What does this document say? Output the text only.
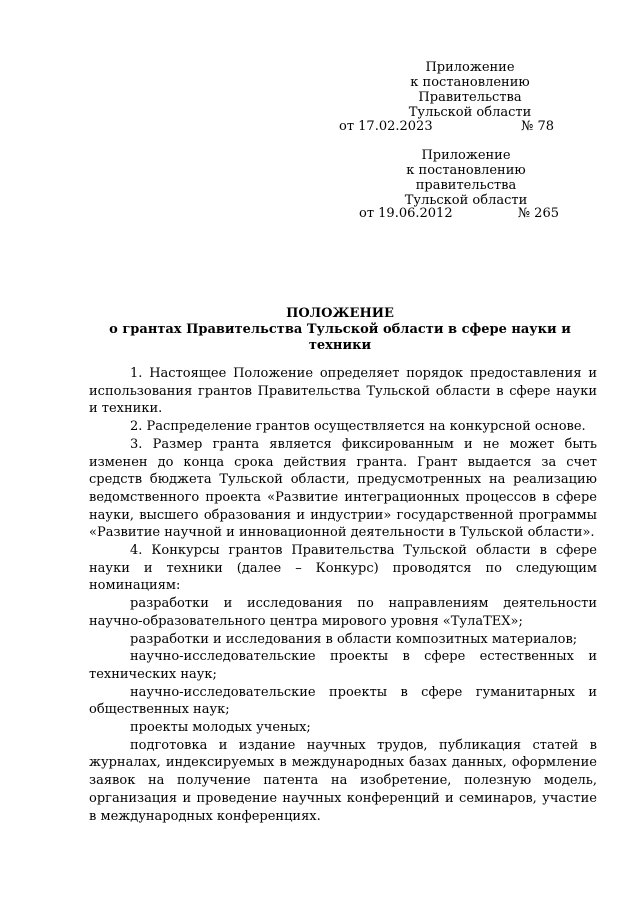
Приложение
к постановлению Правительства
Тульской области
от 17.02.2023	№ 78
Приложение
к постановлению правительства
Тульской области
от 19.06.2012	№ 265
ПОЛОЖЕНИЕ
о грантах Правительства Тульской области в сфере науки и техники

1. Настоящее Положение определяет порядок предоставления и использования грантов Правительства Тульской области в сфере науки и техники.

2. Распределение грантов осуществляется на конкурсной основе.

3. Размер гранта является фиксированным и не может быть изменен до конца срока действия гранта. Грант выдается за счет средств бюджета Тульской области, предусмотренных на реализацию ведомственного проекта «Развитие интеграционных процессов в сфере науки, высшего образования и индустрии» государственной программы «Развитие научной и инновационной деятельности в Тульской области».

4. Конкурсы грантов Правительства Тульской области в сфере науки и техники (далее – Конкурс) проводятся по следующим номинациям:

разработки и исследования по направлениям деятельности научно-образовательного центра мирового уровня «ТулаТЕХ»;

разработки и исследования в области композитных материалов;

научно-исследовательские проекты в сфере естественных и технических наук;

научно-исследовательские проекты в сфере гуманитарных и общественных наук;

проекты молодых ученых;

подготовка и издание научных трудов, публикация статей в журналах, индексируемых в международных базах данных, оформление заявок на получение патента на изобретение, полезную модель, организация и проведение научных конференций и семинаров, участие в международных конференциях.
